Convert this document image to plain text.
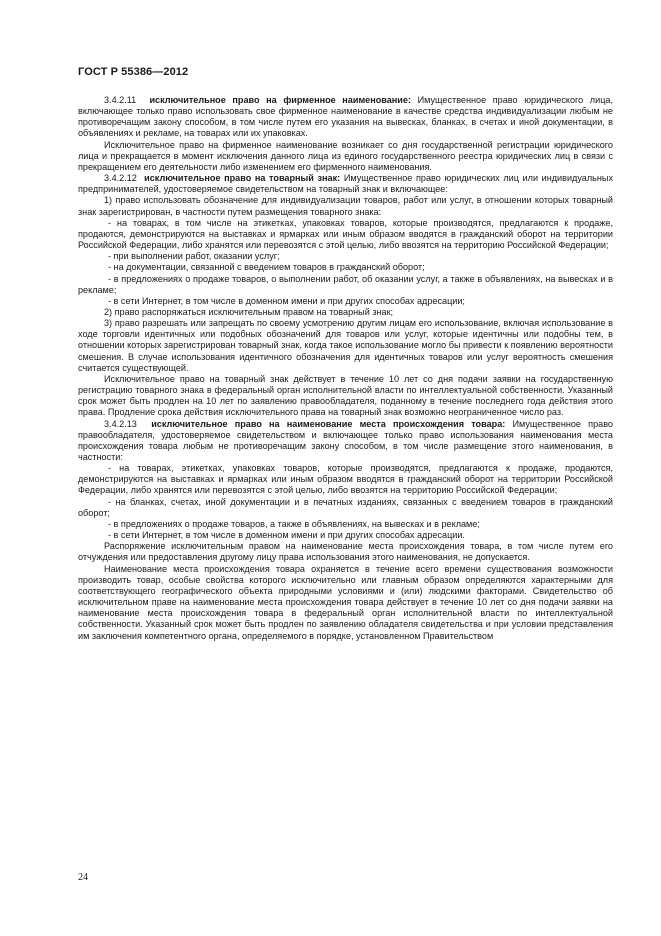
ГОСТ Р 55386—2012

3.4.2.11 исключительное право на фирменное наименование: Имущественное право юридического лица, включающее только право использовать свое фирменное наименование в качестве средства индивидуализации любым не противоречащим закону способом, в том числе путем его указания на вывесках, бланках, в счетах и иной документации, в объявлениях и рекламе, на товарах или их упаковках.

Исключительное право на фирменное наименование возникает со дня государственной регистрации юридического лица и прекращается в момент исключения данного лица из единого государственного реестра юридических лиц в связи с прекращением его деятельности либо изменением его фирменного наименования.

3.4.2.12 исключительное право на товарный знак: Имущественное право юридических лиц или индивидуальных предпринимателей, удостоверяемое свидетельством на товарный знак и включающее:

1) право использовать обозначение для индивидуализации товаров, работ или услуг, в отношении которых товарный знак зарегистрирован, в частности путем размещения товарного знака:

- на товарах, в том числе на этикетках, упаковках товаров, которые производятся, предлагаются к продаже, продаются, демонстрируются на выставках и ярмарках или иным образом вводятся в гражданский оборот на территории Российской Федерации, либо хранятся или перевозятся с этой целью, либо ввозятся на территорию Российской Федерации;

- при выполнении работ, оказании услуг;

- на документации, связанной с введением товаров в гражданский оборот;

- в предложениях о продаже товаров, о выполнении работ, об оказании услуг, а также в объявлениях, на вывесках и в рекламе;

- в сети Интернет, в том числе в доменном имени и при других способах адресации;

2) право распоряжаться исключительным правом на товарный знак;

3) право разрешать или запрещать по своему усмотрению другим лицам его использование, включая использование в ходе торговли идентичных или подобных обозначений для товаров или услуг, которые идентичны или подобны тем, в отношении которых зарегистрирован товарный знак, когда такое использование могло бы привести к появлению вероятности смешения. В случае использования идентичного обозначения для идентичных товаров или услуг вероятность смешения считается существующей.

Исключительное право на товарный знак действует в течение 10 лет со дня подачи заявки на государственную регистрацию товарного знака в федеральный орган исполнительной власти по интеллектуальной собственности. Указанный срок может быть продлен на 10 лет по заявлению правообладателя, поданному в течение последнего года действия этого права. Продление срока действия исключительного права на товарный знак возможно неограниченное число раз.

3.4.2.13 исключительное право на наименование места происхождения товара: Имущественное право правообладателя, удостоверяемое свидетельством и включающее только право использования наименования места происхождения товара любым не противоречащим закону способом, в том числе размещение этого наименования, в частности:

- на товарах, этикетках, упаковках товаров, которые производятся, предлагаются к продаже, продаются, демонстрируются на выставках и ярмарках или иным образом вводятся в гражданский оборот на территории Российской Федерации, либо хранятся или перевозятся с этой целью, либо ввозятся на территорию Российской Федерации;

- на бланках, счетах, иной документации и в печатных изданиях, связанных с введением товаров в гражданский оборот;

- в предложениях о продаже товаров, а также в объявлениях, на вывесках и в рекламе;

- в сети Интернет, в том числе в доменном имени и при других способах адресации.

Распоряжение исключительным правом на наименование места происхождения товара, в том числе путем его отчуждения или предоставления другому лицу права использования этого наименования, не допускается.

Наименование места происхождения товара охраняется в течение всего времени существования возможности производить товар, особые свойства которого исключительно или главным образом определяются характерными для соответствующего географического объекта природными условиями и (или) людскими факторами. Свидетельство об исключительном праве на наименование места происхождения товара действует в течение 10 лет со дня подачи заявки на наименование места происхождения товара в федеральный орган исполнительной власти по интеллектуальной собственности. Указанный срок может быть продлен по заявлению обладателя свидетельства и при условии представления им заключения компетентного органа, определяемого в порядке, установленном Правительством

24
